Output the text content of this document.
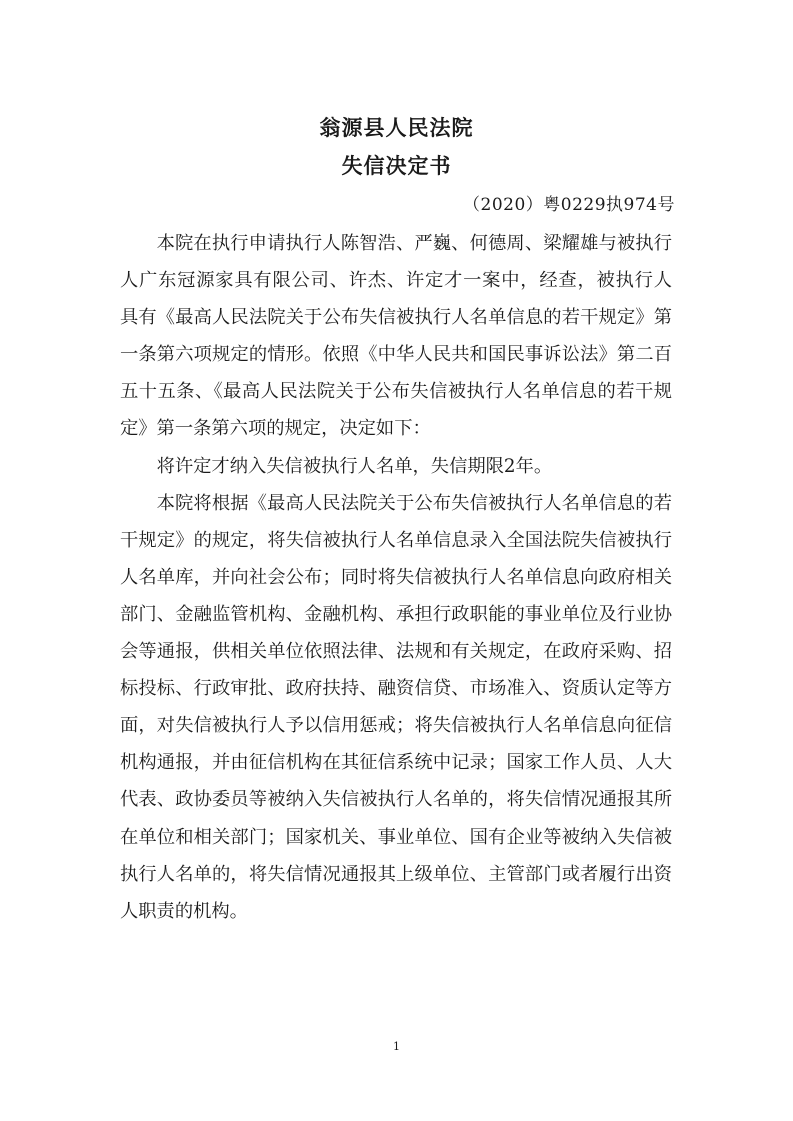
翁源县人民法院
失信决定书
（2020）粤0229执974号

本院在执行申请执行人陈智浩、严巍、何德周、梁耀雄与被执行人广东冠源家具有限公司、许杰、许定才一案中，经查，被执行人 具有《最高人民法院关于公布失信被执行人名单信息的若干规定》第一条第六项规定的情形。依照《中华人民共和国民事诉讼法》第二百五十五条、《最高人民法院关于公布失信被执行人名单信息的若干规定》第一条第六项的规定，决定如下：

将许定才纳入失信被执行人名单，失信期限2年。

本院将根据《最高人民法院关于公布失信被执行人名单信息的若干规定》的规定，将失信被执行人名单信息录入全国法院失信被执行人名单库，并向社会公布；同时将失信被执行人名单信息向政府相关部门、金融监管机构、金融机构、承担行政职能的事业单位及行业协会等通报，供相关单位依照法律、法规和有关规定，在政府采购、招标投标、行政审批、政府扶持、融资信贷、市场准入、资质认定等方面，对失信被执行人予以信用惩戒；将失信被执行人名单信息向征信机构通报，并由征信机构在其征信系统中记录；国家工作人员、人大代表、政协委员等被纳入失信被执行人名单的，将失信情况通报其所在单位和相关部门；国家机关、事业单位、国有企业等被纳入失信被执行人名单的，将失信情况通报其上级单位、主管部门或者履行出资人职责的机构。

1
